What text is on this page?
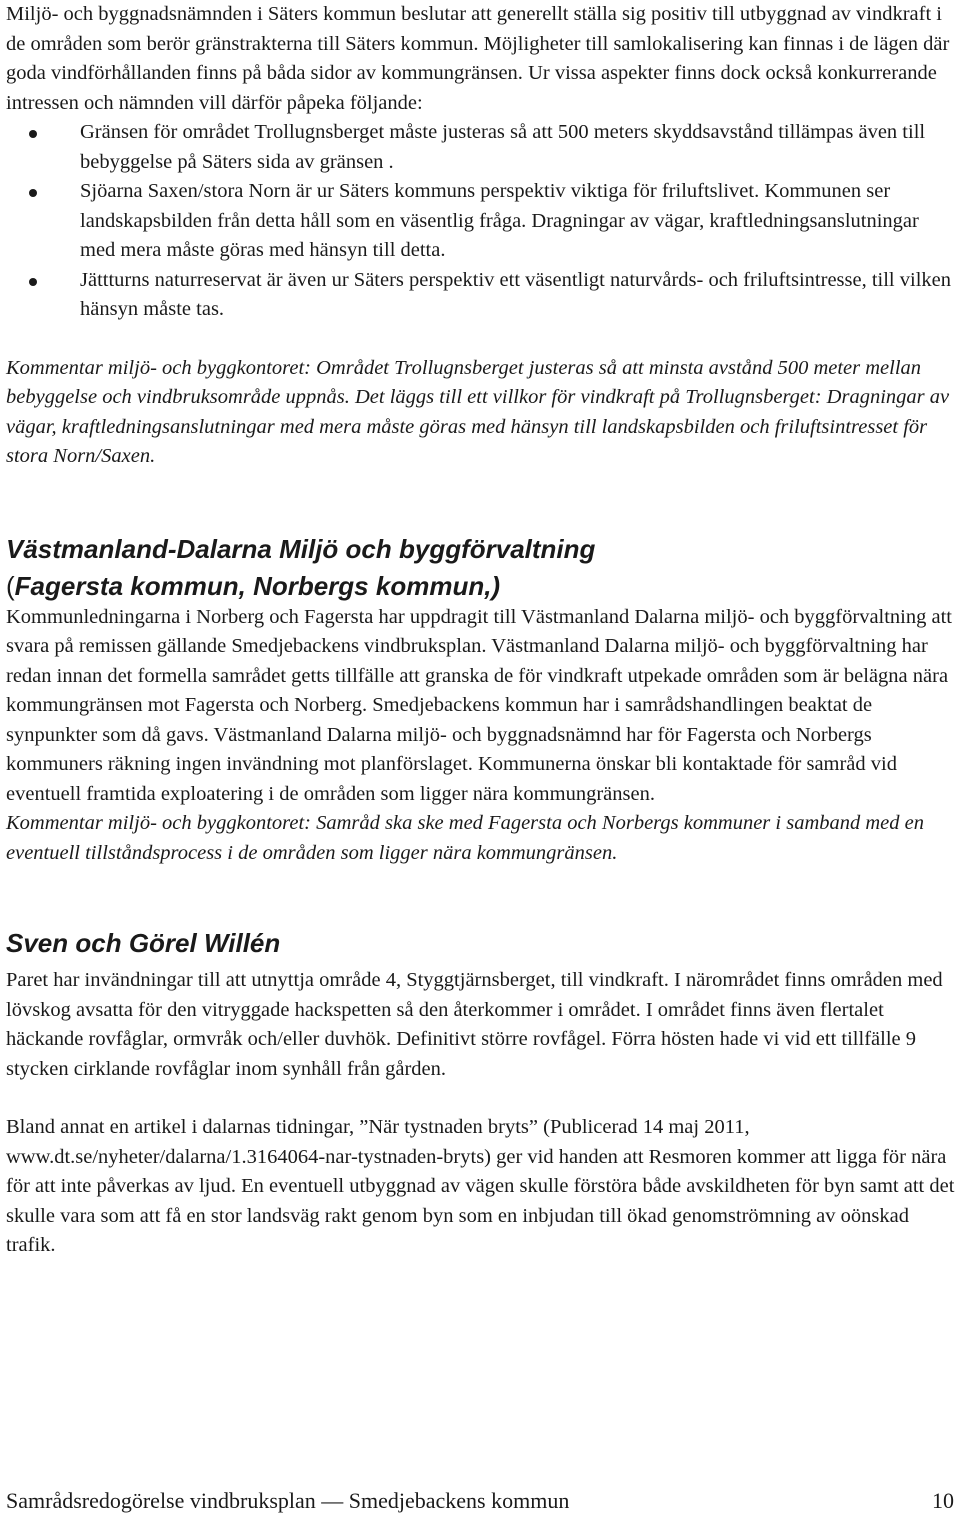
Miljö- och byggnadsnämnden i Säters kommun beslutar att generellt ställa sig positiv till utbyggnad av vindkraft i de områden som berör gränstrakterna till Säters kommun. Möjligheter till samlokalisering kan finnas i de lägen där goda vindförhållanden finns på båda sidor av kommungränsen. Ur vissa aspekter finns dock också konkurrerande intressen och nämnden vill därför påpeka följande:

Gränsen för området Trollugnsberget måste justeras så att 500 meters skyddsavstånd tillämpas även till bebyggelse på Säters sida av gränsen .
Sjöarna Saxen/stora Norn är ur Säters kommuns perspektiv viktiga för friluftslivet. Kommunen ser landskapsbilden från detta håll som en väsentlig fråga. Dragningar av vägar, kraftledningsanslutningar med mera måste göras med hänsyn till detta.
Jättturns naturreservat är även ur Säters perspektiv ett väsentligt naturvårds- och friluftsintresse, till vilken hänsyn måste tas.

Kommentar miljö- och byggkontoret: Området Trollugnsberget justeras så att minsta avstånd 500 meter mellan bebyggelse och vindbruksområde uppnås. Det läggs till ett villkor för vindkraft på Trollugnsberget: Dragningar av vägar, kraftledningsanslutningar med mera måste göras med hänsyn till landskapsbilden och friluftsintresset för stora Norn/Saxen.

Västmanland-Dalarna Miljö och byggförvaltning

(Fagersta kommun, Norbergs kommun,)

Kommunledningarna i Norberg och Fagersta har uppdragit till Västmanland Dalarna miljö- och byggförvaltning att svara på remissen gällande Smedjebackens vindbruksplan. Västmanland Dalarna miljö- och byggförvaltning har redan innan det formella samrådet getts tillfälle att granska de för vindkraft utpekade områden som är belägna nära kommungränsen mot Fagersta och Norberg. Smedjebackens kommun har i samrådshandlingen beaktat de synpunkter som då gavs. Västmanland Dalarna miljö- och byggnadsnämnd har för Fagersta och Norbergs kommuners räkning ingen invändning mot planförslaget. Kommunerna önskar bli kontaktade för samråd vid eventuell framtida exploatering i de områden som ligger nära kommungränsen.

Kommentar miljö- och byggkontoret: Samråd ska ske med Fagersta och Norbergs kommuner i samband med en eventuell tillståndsprocess i de områden som ligger nära kommungränsen.

Sven och Görel Willén

Paret har invändningar till att utnyttja område 4, Styggtjärnsberget, till vindkraft. I närområdet finns områden med lövskog avsatta för den vitryggade hackspetten så den återkommer i området. I området finns även flertalet häckande rovfåglar, ormvråk och/eller duvhök. Definitivt större rovfågel. Förra hösten hade vi vid ett tillfälle 9 stycken cirklande rovfåglar inom synhåll från gården.

Bland annat en artikel i dalarnas tidningar, ”När tystnaden bryts” (Publicerad 14 maj 2011, www.dt.se/nyheter/dalarna/1.3164064-nar-tystnaden-bryts) ger vid handen att Resmoren kommer att ligga för nära för att inte påverkas av ljud. En eventuell utbyggnad av vägen skulle förstöra både avskildheten för byn samt att det skulle vara som att få en stor landsväg rakt genom byn som en inbjudan till ökad genomströmning av oönskad trafik.

Samrådsredogörelse vindbruksplan — Smedjebackens kommun	10
